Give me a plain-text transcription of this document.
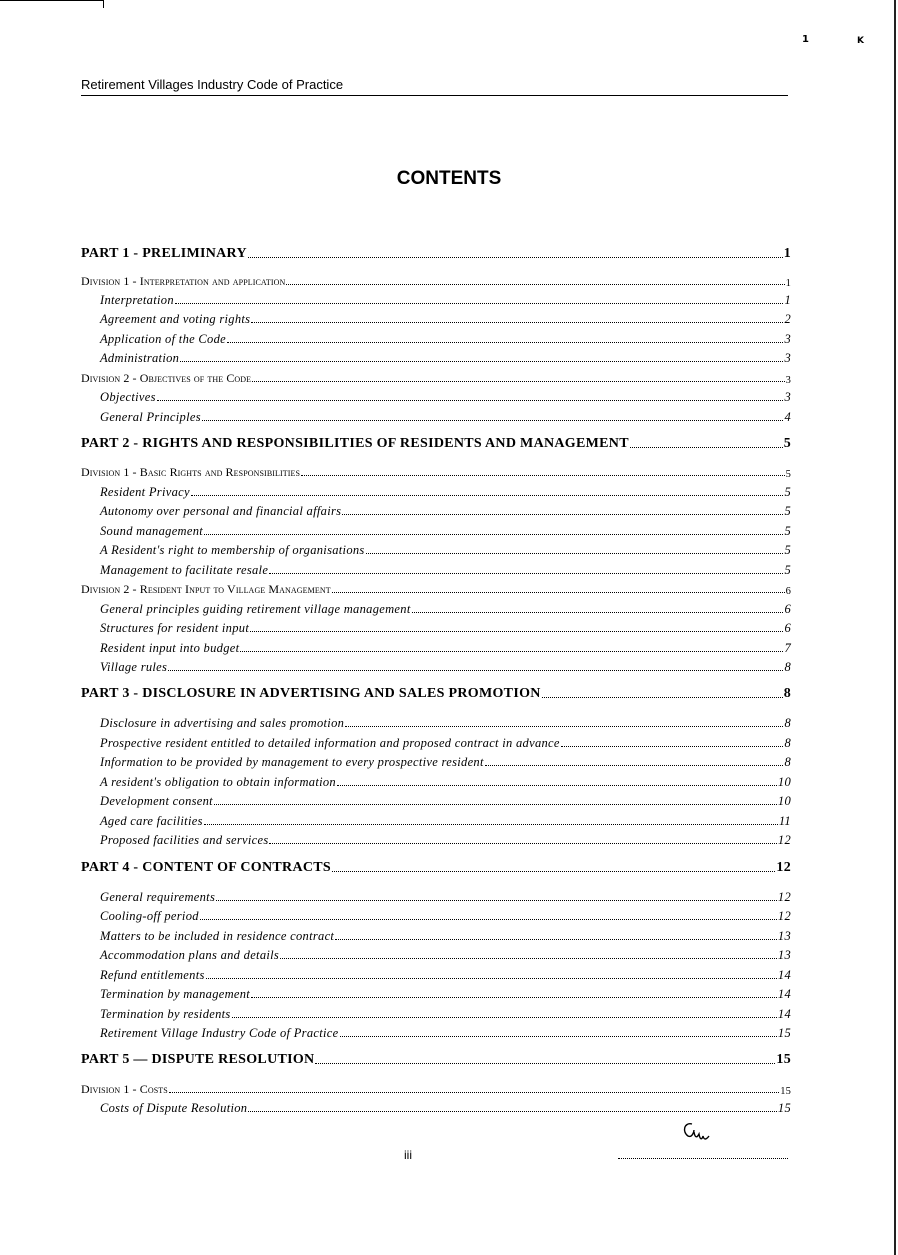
1	K
Retirement Villages Industry Code of Practice
CONTENTS
PART 1 - PRELIMINARY	1
Division 1 - Interpretation and application	1
Interpretation	1
Agreement and voting rights	2
Application of the Code	3
Administration	3
Division 2 - Objectives of the Code	3
Objectives	3
General Principles	4
PART 2 - RIGHTS AND RESPONSIBILITIES OF RESIDENTS AND MANAGEMENT	5
Division 1 - Basic Rights and Responsibilities	5
Resident Privacy	5
Autonomy over personal and financial affairs	5
Sound management	5
A Resident's right to membership of organisations	5
Management to facilitate resale	5
Division 2 - Resident Input to Village Management	6
General principles guiding retirement village management	6
Structures for resident input	6
Resident input into budget	7
Village rules	8
PART 3 - DISCLOSURE IN ADVERTISING AND SALES PROMOTION	8
Disclosure in advertising and sales promotion	8
Prospective resident entitled to detailed information and proposed contract in advance	8
Information to be provided by management to every prospective resident	8
A resident's obligation to obtain information	10
Development consent	10
Aged care facilities	11
Proposed facilities and services	12
PART 4 - CONTENT OF CONTRACTS	12
General requirements	12
Cooling-off period	12
Matters to be included in residence contract	13
Accommodation plans and details	13
Refund entitlements	14
Termination by management	14
Termination by residents	14
Retirement Village Industry Code of Practice	15
PART 5 — DISPUTE RESOLUTION	15
Division 1 - Costs	15
Costs of Dispute Resolution	15
iii
